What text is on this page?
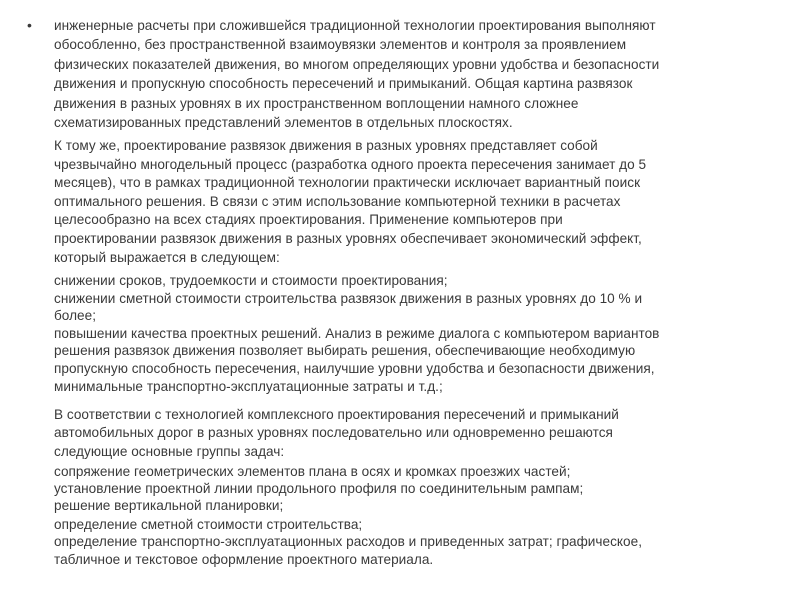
• инженерные расчеты при сложившейся традиционной технологии проектирования выполняют
обособленно, без пространственной взаимоувязки элементов и контроля за проявлением
физических показателей движения, во многом определяющих уровни удобства и безопасности
движения и пропускную способность пересечений и примыканий. Общая картина развязок
движения в разных уровнях в их пространственном воплощении намного сложнее
схематизированных представлений элементов в отдельных плоскостях.

К тому же, проектирование развязок движения в разных уровнях представляет собой
чрезвычайно многодельный процесс (разработка одного проекта пересечения занимает до 5
месяцев), что в рамках традиционной технологии практически исключает вариантный поиск
оптимального решения. В связи с этим использование компьютерной техники в расчетах
целесообразно на всех стадиях проектирования. Применение компьютеров при
проектировании развязок движения в разных уровнях обеспечивает экономический эффект,
который выражается в следующем:

снижении сроков, трудоемкости и стоимости проектирования;

снижении сметной стоимости строительства развязок движения в разных уровнях до 10 % и
более;

повышении качества проектных решений. Анализ в режиме диалога с компьютером вариантов
решения развязок движения позволяет выбирать решения, обеспечивающие необходимую
пропускную способность пересечения, наилучшие уровни удобства и безопасности движения,
минимальные транспортно-эксплуатационные затраты и т.д.;

В соответствии с технологией комплексного проектирования пересечений и примыканий
автомобильных дорог в разных уровнях последовательно или одновременно решаются
следующие основные группы задач:

сопряжение геометрических элементов плана в осях и кромках проезжих частей;

установление проектной линии продольного профиля по соединительным рампам;

решение вертикальной планировки;

определение сметной стоимости строительства;

определение транспортно-эксплуатационных расходов и приведенных затрат; графическое,
табличное и текстовое оформление проектного материала.
